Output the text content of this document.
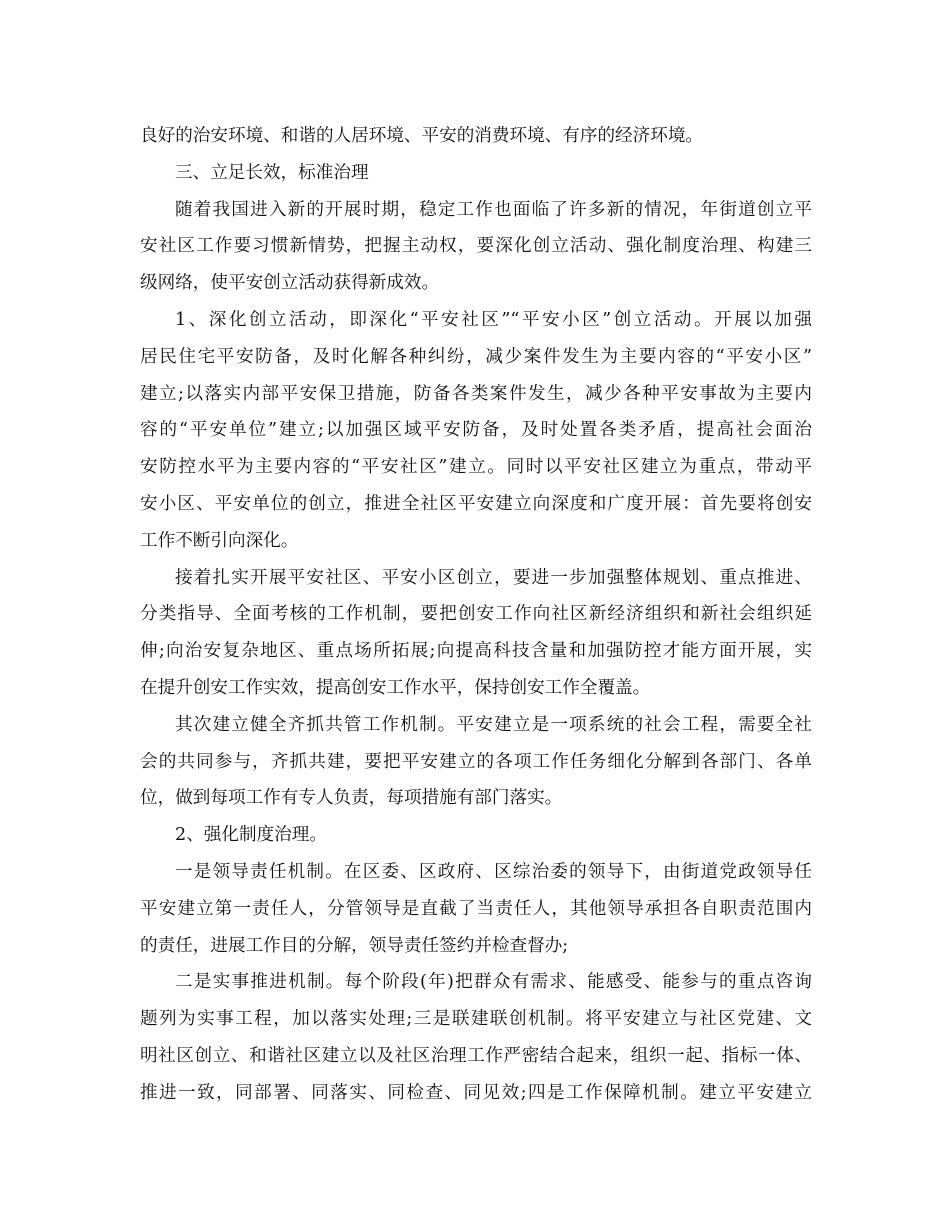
良好的治安环境、和谐的人居环境、平安的消费环境、有序的经济环境。
三、立足长效，标准治理
随着我国进入新的开展时期，稳定工作也面临了许多新的情况，年街道创立平
安社区工作要习惯新情势，把握主动权，要深化创立活动、强化制度治理、构建三
级网络，使平安创立活动获得新成效。
1、深化创立活动，即深化“平安社区”“平安小区”创立活动。开展以加强
居民住宅平安防备，及时化解各种纠纷，减少案件发生为主要内容的“平安小区”
建立;以落实内部平安保卫措施，防备各类案件发生，减少各种平安事故为主要内
容的“平安单位”建立;以加强区域平安防备，及时处置各类矛盾，提高社会面治
安防控水平为主要内容的“平安社区”建立。同时以平安社区建立为重点，带动平
安小区、平安单位的创立，推进全社区平安建立向深度和广度开展：首先要将创安
工作不断引向深化。
接着扎实开展平安社区、平安小区创立，要进一步加强整体规划、重点推进、
分类指导、全面考核的工作机制，要把创安工作向社区新经济组织和新社会组织延
伸;向治安复杂地区、重点场所拓展;向提高科技含量和加强防控才能方面开展，实
在提升创安工作实效，提高创安工作水平，保持创安工作全覆盖。
其次建立健全齐抓共管工作机制。平安建立是一项系统的社会工程，需要全社
会的共同参与，齐抓共建，要把平安建立的各项工作任务细化分解到各部门、各单
位，做到每项工作有专人负责，每项措施有部门落实。
2、强化制度治理。
一是领导责任机制。在区委、区政府、区综治委的领导下，由街道党政领导任
平安建立第一责任人，分管领导是直截了当责任人，其他领导承担各自职责范围内
的责任，进展工作目的分解，领导责任签约并检查督办;
二是实事推进机制。每个阶段(年)把群众有需求、能感受、能参与的重点咨询
题列为实事工程，加以落实处理;三是联建联创机制。将平安建立与社区党建、文
明社区创立、和谐社区建立以及社区治理工作严密结合起来，组织一起、指标一体、
推进一致，同部署、同落实、同检查、同见效;四是工作保障机制。建立平安建立
